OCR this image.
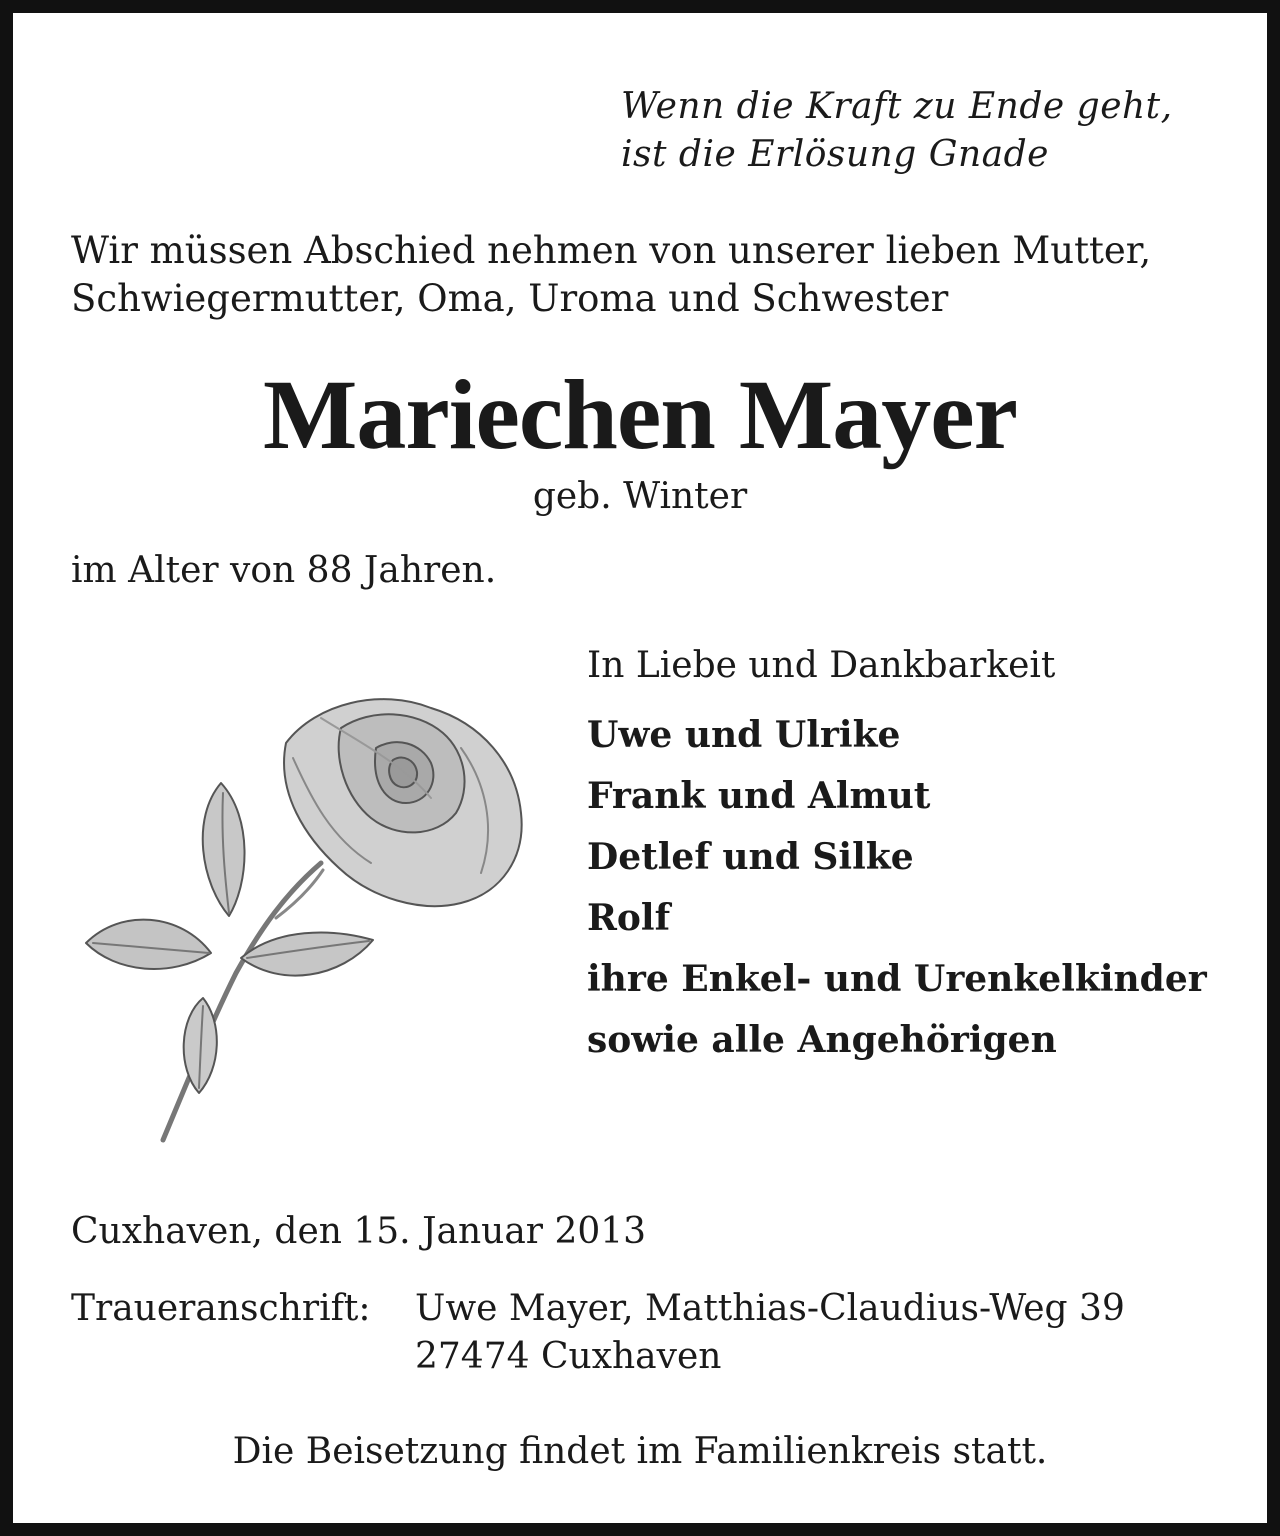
Wenn die Kraft zu Ende geht,
ist die Erlösung Gnade
Wir müssen Abschied nehmen von unserer lieben Mutter,
Schwiegermutter, Oma, Uroma und Schwester
Mariechen Mayer
geb. Winter
im Alter von 88 Jahren.
In Liebe und Dankbarkeit
Uwe und Ulrike
Frank und Almut
Detlef und Silke
Rolf
ihre Enkel- und Urenkelkinder
sowie alle Angehörigen
Cuxhaven, den 15. Januar 2013
Traueranschrift: Uwe Mayer, Matthias-Claudius-Weg 39
27474 Cuxhaven
Die Beisetzung findet im Familienkreis statt.
